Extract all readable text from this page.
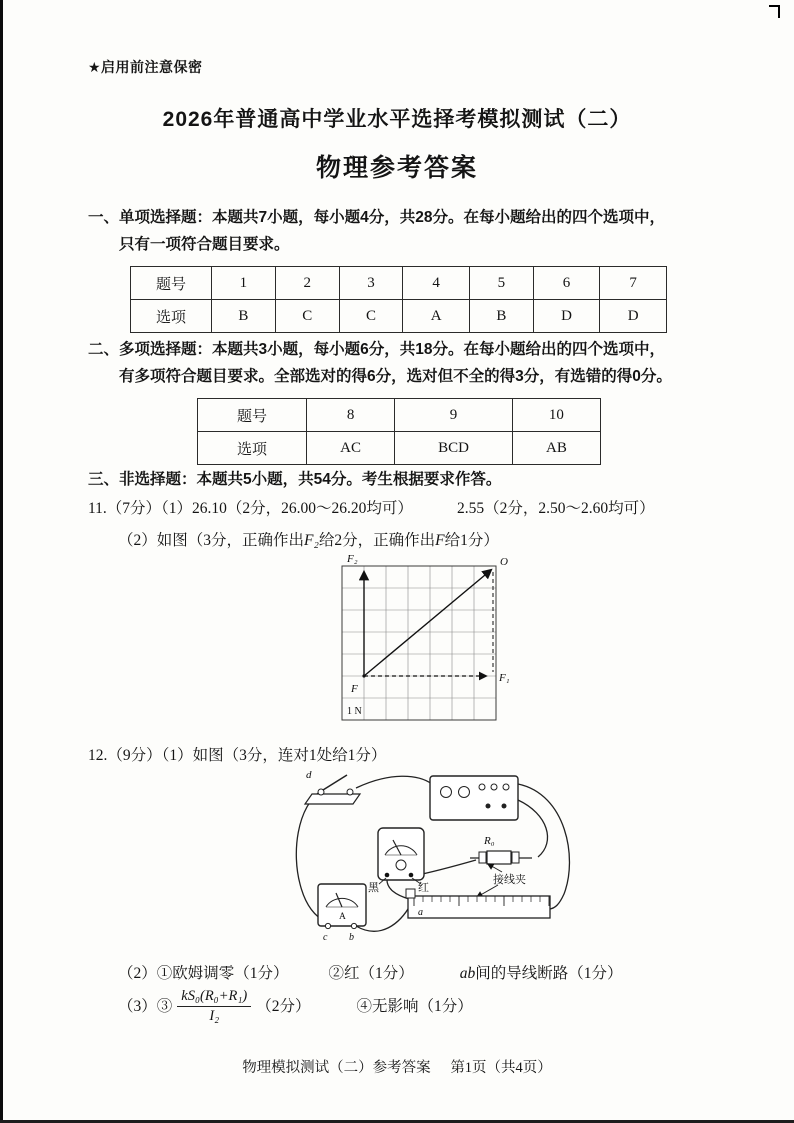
★启用前注意保密
2026年普通高中学业水平选择考模拟测试（二）
物理参考答案
一、单项选择题：本题共7小题，每小题4分，共28分。在每小题给出的四个选项中，
只有一项符合题目要求。
题号	1	2	3	4	5	6	7
选项	B	C	C	A	B	D	D
二、多项选择题：本题共3小题，每小题6分，共18分。在每小题给出的四个选项中，
有多项符合题目要求。全部选对的得6分，选对但不全的得3分，有选错的得0分。
题号	8	9	10
选项	AC	BCD	AB
三、非选择题：本题共5小题，共54分。考生根据要求作答。
11.（7分）（1）26.10（2分，26.00～26.20均可）	2.55（2分，2.50～2.60均可）
（2）如图（3分，正确作出F₂给2分，正确作出F给1分）
F₂	O
F
F₁
1 N
12.（9分）（1）如图（3分，连对1处给1分）
d
黑	红
R₀
接线夹
a
A
c b
（2）①欧姆调零（1分）	②红（1分）	ab间的导线断路（1分）
（3）③ $\frac{\text{kS₀(R₀+R₁)}}{\text{I₂}} (2$分）	④无影响（1分）
物理模拟测试（二）参考答案 第1页（共4页）
